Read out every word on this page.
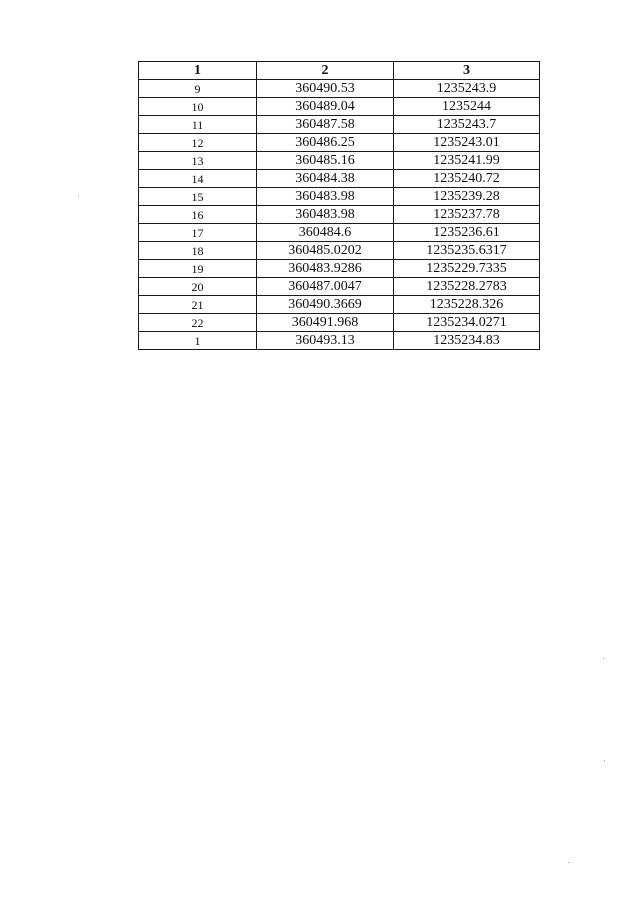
1	2	3
9	360490.53	1235243.9
10	360489.04	1235244
11	360487.58	1235243.7
12	360486.25	1235243.01
13	360485.16	1235241.99
14	360484.38	1235240.72
15	360483.98	1235239.28
16	360483.98	1235237.78
17	360484.6	1235236.61
18	360485.0202	1235235.6317
19	360483.9286	1235229.7335
20	360487.0047	1235228.2783
21	360490.3669	1235228.326
22	360491.968	1235234.0271
1	360493.13	1235234.83
